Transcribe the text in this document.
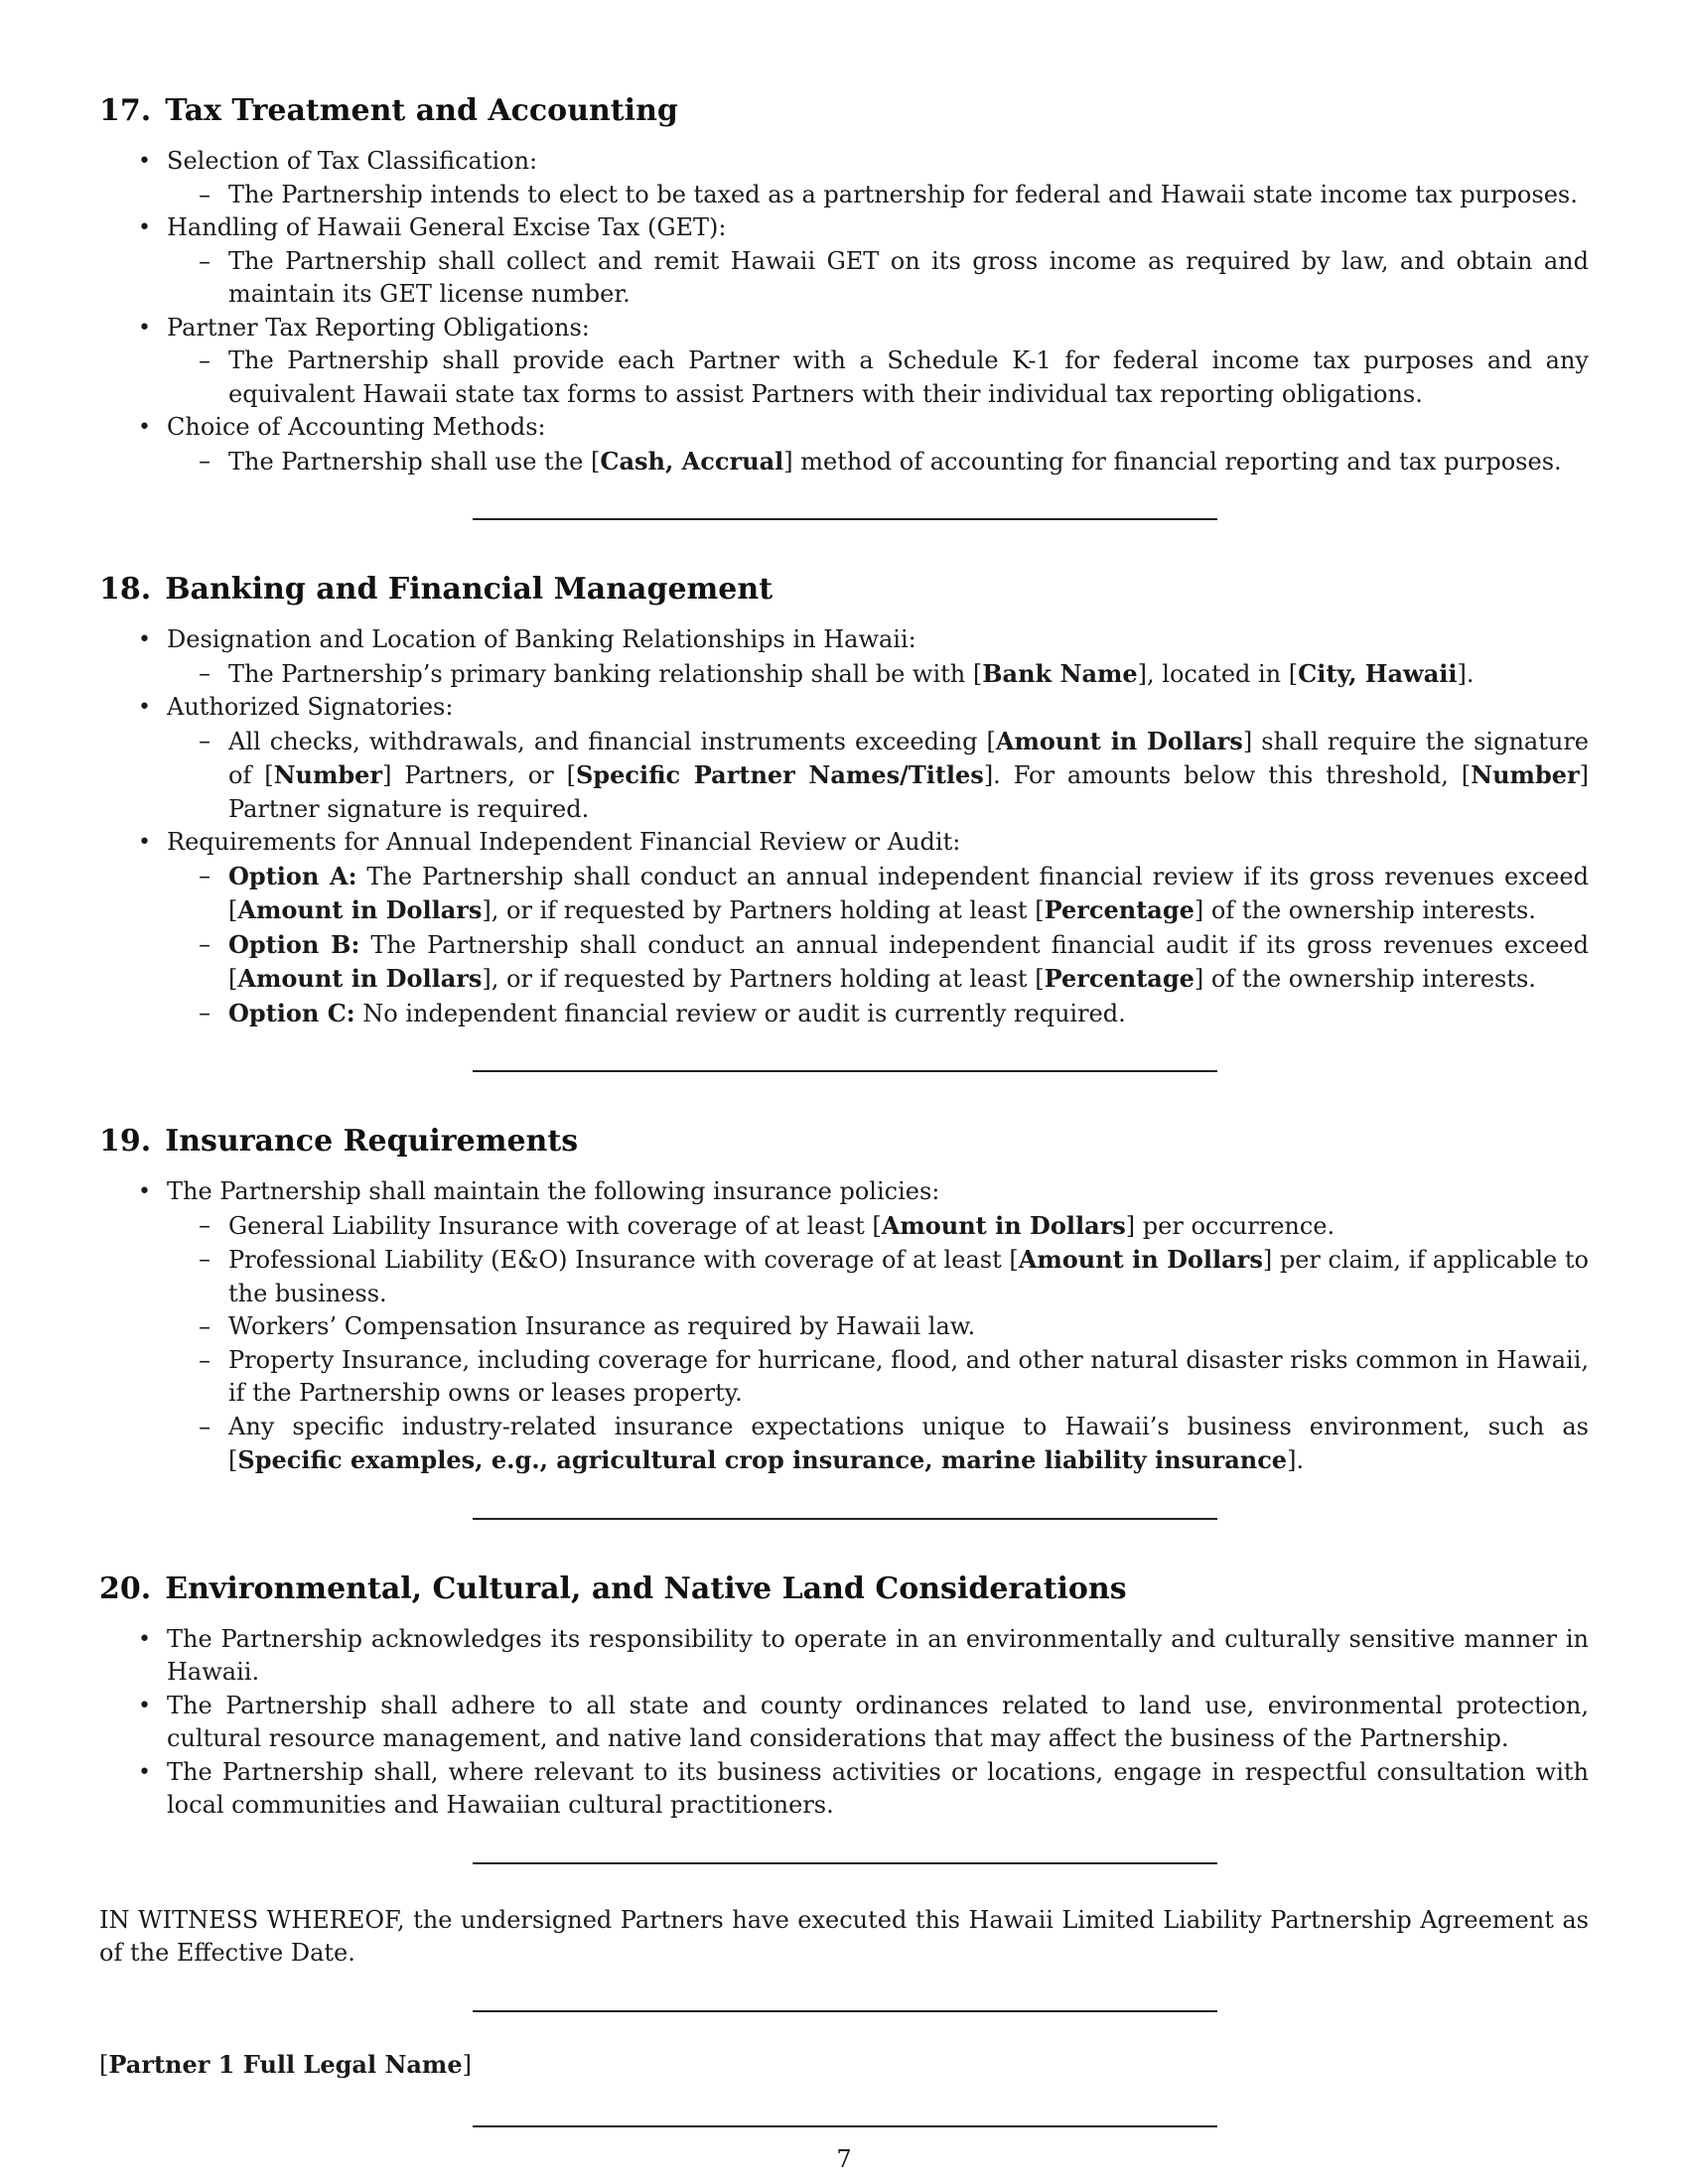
17. Tax Treatment and Accounting
• Selection of Tax Classification:
– The Partnership intends to elect to be taxed as a partnership for federal and Hawaii state income tax purposes.
• Handling of Hawaii General Excise Tax (GET):
– The Partnership shall collect and remit Hawaii GET on its gross income as required by law, and obtain and maintain its GET license number.
• Partner Tax Reporting Obligations:
– The Partnership shall provide each Partner with a Schedule K-1 for federal income tax purposes and any equivalent Hawaii state tax forms to assist Partners with their individual tax reporting obligations.
• Choice of Accounting Methods:
– The Partnership shall use the [Cash, Accrual] method of accounting for financial reporting and tax purposes.
18. Banking and Financial Management
• Designation and Location of Banking Relationships in Hawaii:
– The Partnership’s primary banking relationship shall be with [Bank Name], located in [City, Hawaii].
• Authorized Signatories:
– All checks, withdrawals, and financial instruments exceeding [Amount in Dollars] shall require the signature of [Number] Partners, or [Specific Partner Names/Titles]. For amounts below this threshold, [Number] Partner signature is required.
• Requirements for Annual Independent Financial Review or Audit:
– Option A: The Partnership shall conduct an annual independent financial review if its gross revenues exceed [Amount in Dollars], or if requested by Partners holding at least [Percentage] of the ownership interests.
– Option B: The Partnership shall conduct an annual independent financial audit if its gross revenues exceed [Amount in Dollars], or if requested by Partners holding at least [Percentage] of the ownership interests.
– Option C: No independent financial review or audit is currently required.
19. Insurance Requirements
• The Partnership shall maintain the following insurance policies:
– General Liability Insurance with coverage of at least [Amount in Dollars] per occurrence.
– Professional Liability (E&O) Insurance with coverage of at least [Amount in Dollars] per claim, if applicable to the business.
– Workers’ Compensation Insurance as required by Hawaii law.
– Property Insurance, including coverage for hurricane, flood, and other natural disaster risks common in Hawaii, if the Partnership owns or leases property.
– Any specific industry-related insurance expectations unique to Hawaii’s business environment, such as [Specific examples, e.g., agricultural crop insurance, marine liability insurance].
20. Environmental, Cultural, and Native Land Considerations
• The Partnership acknowledges its responsibility to operate in an environmentally and culturally sensitive manner in Hawaii.
• The Partnership shall adhere to all state and county ordinances related to land use, environmental protection, cultural resource management, and native land considerations that may affect the business of the Partnership.
• The Partnership shall, where relevant to its business activities or locations, engage in respectful consultation with local communities and Hawaiian cultural practitioners.
IN WITNESS WHEREOF, the undersigned Partners have executed this Hawaii Limited Liability Partnership Agreement as of the Effective Date.
[Partner 1 Full Legal Name]
7
